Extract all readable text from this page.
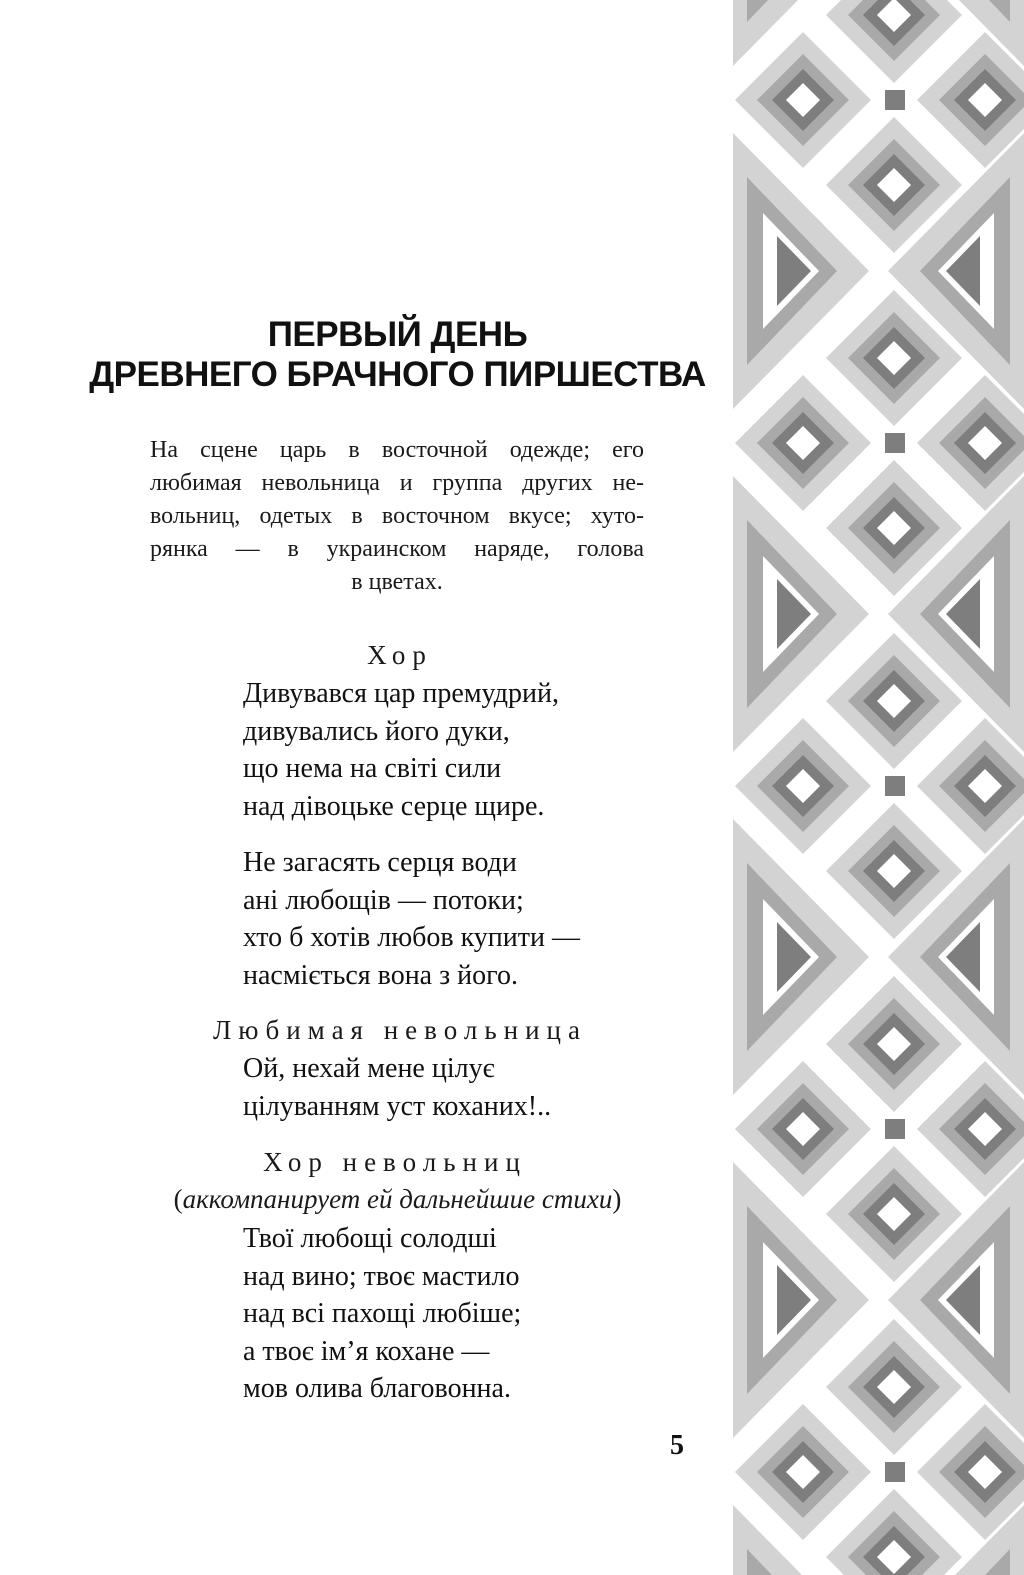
ПЕРВЫЙ ДЕНЬ
ДРЕВНЕГО БРАЧНОГО ПИРШЕСТВА
На сцене царь в восточной одежде; его
любимая невольница и группа других не-
вольниц, одетых в восточном вкусе; хуто-
рянка — в украинском наряде, голова
в цветах.
Хор
Дивувався цар премудрий,
дивувались його дуки,
що нема на світі сили
над дівоцьке серце щире.
Не загасять серця води
ані любощів — потоки;
хто б хотів любов купити —
насміється вона з його.
Любимая невольница
Ой, нехай мене цілує
цілуванням уст коханих!..
Хор невольниц
(аккомпанирует ей дальнейшие стихи)
Твої любощі солодші
над вино; твоє мастило
над всі пахощі любіше;
а твоє ім’я кохане —
мов олива благовонна.
5
